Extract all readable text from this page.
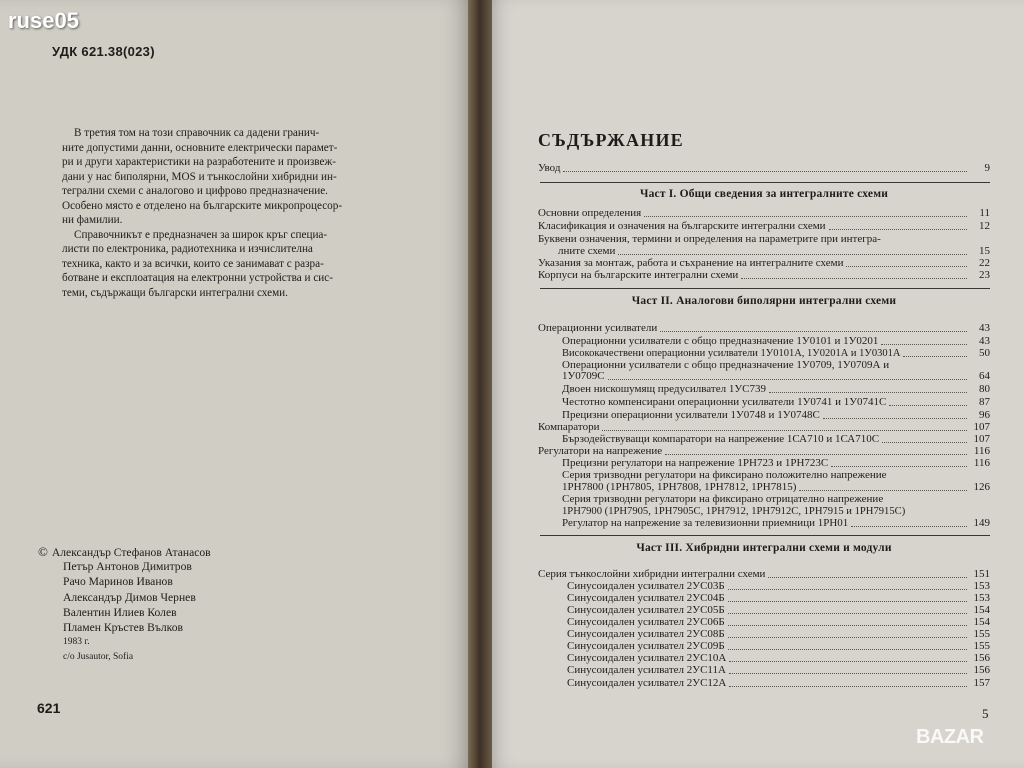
ruse05
УДК 621.38(023)
В третия том на този справочник са дадени гранич-
ните допустими данни, основните електрически парамет-
ри и други характеристики на разработените и произвеж-
дани у нас биполярни, MOS и тънкослойни хибридни ин-
тегрални схеми с аналогово и цифрово предназначение.
Особено място е отделено на българските микропроцесор-
ни фамилии.
Справочникът е предназначен за широк кръг специа-
листи по електроника, радиотехника и изчислителна
техника, както и за всички, които се занимават с разра-
ботване и експлоатация на електронни устройства и сис-
теми, съдържащи български интегрални схеми.
© Александър Стефанов Атанасов
Петър Антонов Димитров
Рачо Маринов Иванов
Александър Димов Чернев
Валентин Илиев Колев
Пламен Кръстев Вълков
1983 г.
c/o Jusautor, Sofia
621
СЪДЪРЖАНИЕ
Увод	9
Част I. Общи сведения за интегралните схеми
Основни определения	11
Класификация и означения на българските интегрални схеми	12
Буквени означения, термини и определения на параметрите при интегра-
лните схеми	15
Указания за монтаж, работа и съхранение на интегралните схеми	22
Корпуси на българските интегрални схеми	23
Част II. Аналогови биполярни интегрални схеми
Операционни усилватели	43
Операционни усилватели с общо предназначение 1У0101 и 1У0201	43
Висококачествени операционни усилватели 1У0101А, 1У0201А и 1У0301А	50
Операционни усилватели с общо предназначение 1У0709, 1У0709А и
1У0709С	64
Двоен нискошумящ предусилвател 1УС739	80
Честотно компенсирани операционни усилватели 1У0741 и 1У0741С	87
Прецизни операционни усилватели 1У0748 и 1У0748С	96
Компаратори	107
Бързодействуващи компаратори на напрежение 1СА710 и 1СА710С	107
Регулатори на напрежение	116
Прецизни регулатори на напрежение 1РН723 и 1РН723С	116
Серия тризводни регулатори на фиксирано положително напрежение
1РН7800 (1РН7805, 1РН7808, 1РН7812, 1РН7815)	126
Серия тризводни регулатори на фиксирано отрицателно напрежение
1РН7900 (1РН7905, 1РН7905С, 1РН7912, 1РН7912С, 1РН7915 и 1РН7915С)
Регулатор на напрежение за телевизионни приемници 1РН01	149
Част III. Хибридни интегрални схеми и модули
Серия тънкослойни хибридни интегрални схеми	151
Синусоидален усилвател 2УС03Б	153
Синусоидален усилвател 2УС04Б	153
Синусоидален усилвател 2УС05Б	154
Синусоидален усилвател 2УС06Б	154
Синусоидален усилвател 2УС08Б	155
Синусоидален усилвател 2УС09Б	155
Синусоидален усилвател 2УС10А	156
Синусоидален усилвател 2УС11А	156
Синусоидален усилвател 2УС12А	157
5
BAZAR
